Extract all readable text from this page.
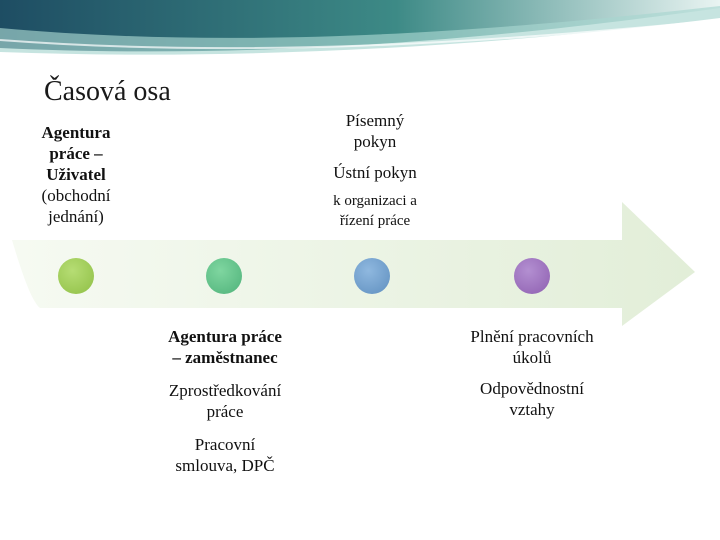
Časová osa

Agentura

práce –

Uživatel

(obchodní

jednání)

Agentura práce

– zaměstnanec

Zprostředkování

práce

Pracovní

smlouva, DPČ

Písemný

pokyn

Ústní pokyn

k organizaci a

řízení práce

Plnění pracovních

úkolů

Odpovědnostní

vztahy
